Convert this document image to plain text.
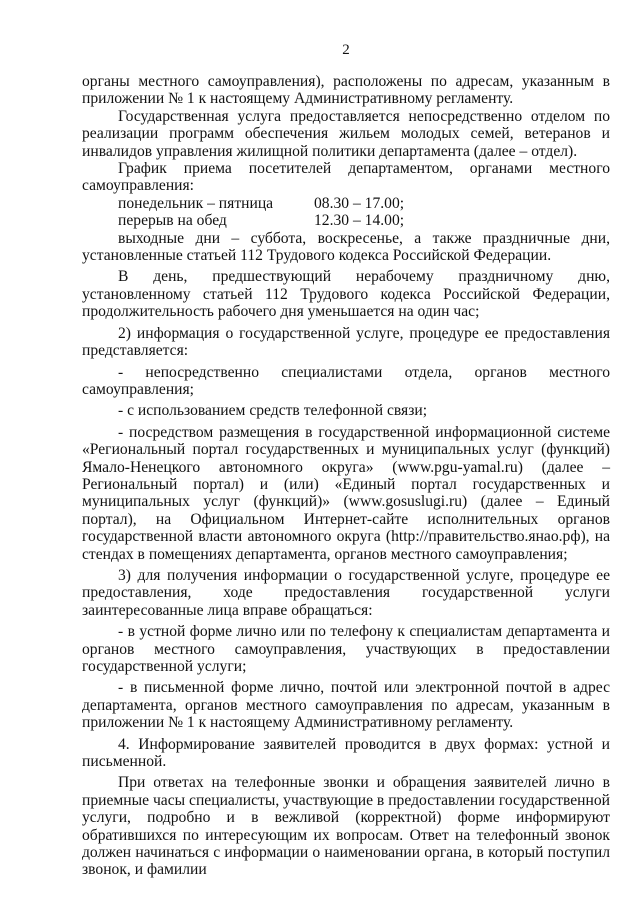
2

органы местного самоуправления), расположены по адресам, указанным в приложении № 1 к настоящему Административному регламенту.

Государственная услуга предоставляется непосредственно отделом по реализации программ обеспечения жильем молодых семей, ветеранов и инвалидов управления жилищной политики департамента (далее – отдел).

График приема посетителей департаментом, органами местного самоуправления:

понедельник – пятница	08.30 – 17.00;
перерыв на обед	12.30 – 14.00;

выходные дни – суббота, воскресенье, а также праздничные дни, установленные статьей 112 Трудового кодекса Российской Федерации.

В день, предшествующий нерабочему праздничному дню, установленному статьей 112 Трудового кодекса Российской Федерации, продолжительность рабочего дня уменьшается на один час;

2) информация о государственной услуге, процедуре ее предоставления представляется:

- непосредственно специалистами отдела, органов местного самоуправления;

- с использованием средств телефонной связи;

- посредством размещения в государственной информационной системе «Региональный портал государственных и муниципальных услуг (функций) Ямало-Ненецкого автономного округа» (www.pgu-yamal.ru) (далее – Региональный портал) и (или) «Единый портал государственных и муниципальных услуг (функций)» (www.gosuslugi.ru) (далее – Единый портал), на Официальном Интернет-сайте исполнительных органов государственной власти автономного округа (http://правительство.янао.рф), на стендах в помещениях департамента, органов местного самоуправления;

3) для получения информации о государственной услуге, процедуре ее предоставления, ходе предоставления государственной услуги заинтересованные лица вправе обращаться:

- в устной форме лично или по телефону к специалистам департамента и органов местного самоуправления, участвующих в предоставлении государственной услуги;

- в письменной форме лично, почтой или электронной почтой в адрес департамента, органов местного самоуправления по адресам, указанным в приложении № 1 к настоящему Административному регламенту.

4. Информирование заявителей проводится в двух формах: устной и письменной.

При ответах на телефонные звонки и обращения заявителей лично в приемные часы специалисты, участвующие в предоставлении государственной услуги, подробно и в вежливой (корректной) форме информируют обратившихся по интересующим их вопросам. Ответ на телефонный звонок должен начинаться с информации о наименовании органа, в который поступил звонок, и фамилии
